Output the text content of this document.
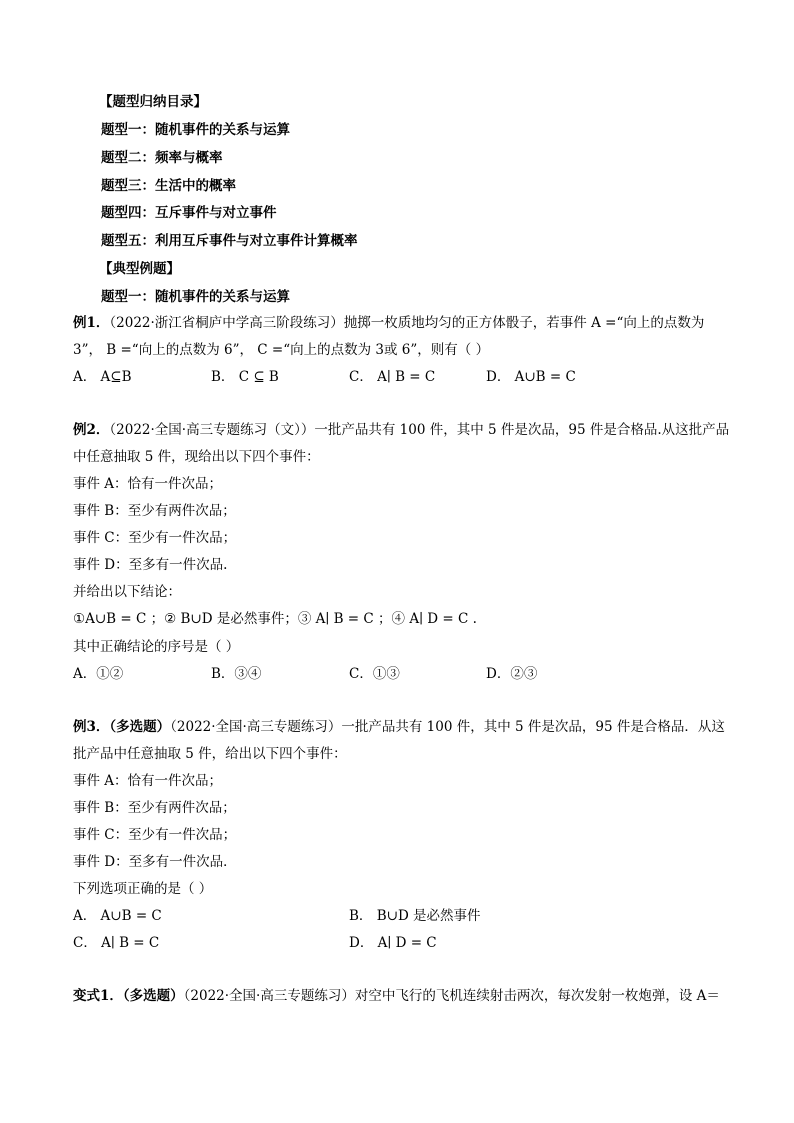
【题型归纳目录】
题型一：随机事件的关系与运算
题型二：频率与概率
题型三：生活中的概率
题型四：互斥事件与对立事件
题型五：利用互斥事件与对立事件计算概率
【典型例题】
题型一：随机事件的关系与运算
例1．（2022·浙江省桐庐中学高三阶段练习）抛掷一枚质地均匀的正方体骰子，若事件 A =“向上的点数为
3”， B =“向上的点数为 6”， C =“向上的点数为 3或 6”，则有（ ）
A． A⊆B	B． C ⊆ B	C． A∣ B = C	D． A∪B = C
例2．（2022·全国·高三专题练习（文））一批产品共有 100 件，其中 5 件是次品，95 件是合格品.从这批产品
中任意抽取 5 件，现给出以下四个事件：
事件 A：恰有一件次品；
事件 B：至少有两件次品；
事件 C：至少有一件次品；
事件 D：至多有一件次品.
并给出以下结论：
①A∪B = C ；② B∪D 是必然事件；③ A∣ B = C ；④ A∣ D = C .
其中正确结论的序号是（ ）
A．①②	B．③④	C．①③	D．②③
例3．（多选题）（2022·全国·高三专题练习）一批产品共有 100 件，其中 5 件是次品，95 件是合格品．从这
批产品中任意抽取 5 件，给出以下四个事件：
事件 A：恰有一件次品；
事件 B：至少有两件次品；
事件 C：至少有一件次品；
事件 D：至多有一件次品．
下列选项正确的是（ ）
A． A∪B = C	B． B∪D 是必然事件
C． A∣ B = C	D． A∣ D = C
变式1．（多选题）（2022·全国·高三专题练习）对空中飞行的飞机连续射击两次，每次发射一枚炮弹，设 A＝
